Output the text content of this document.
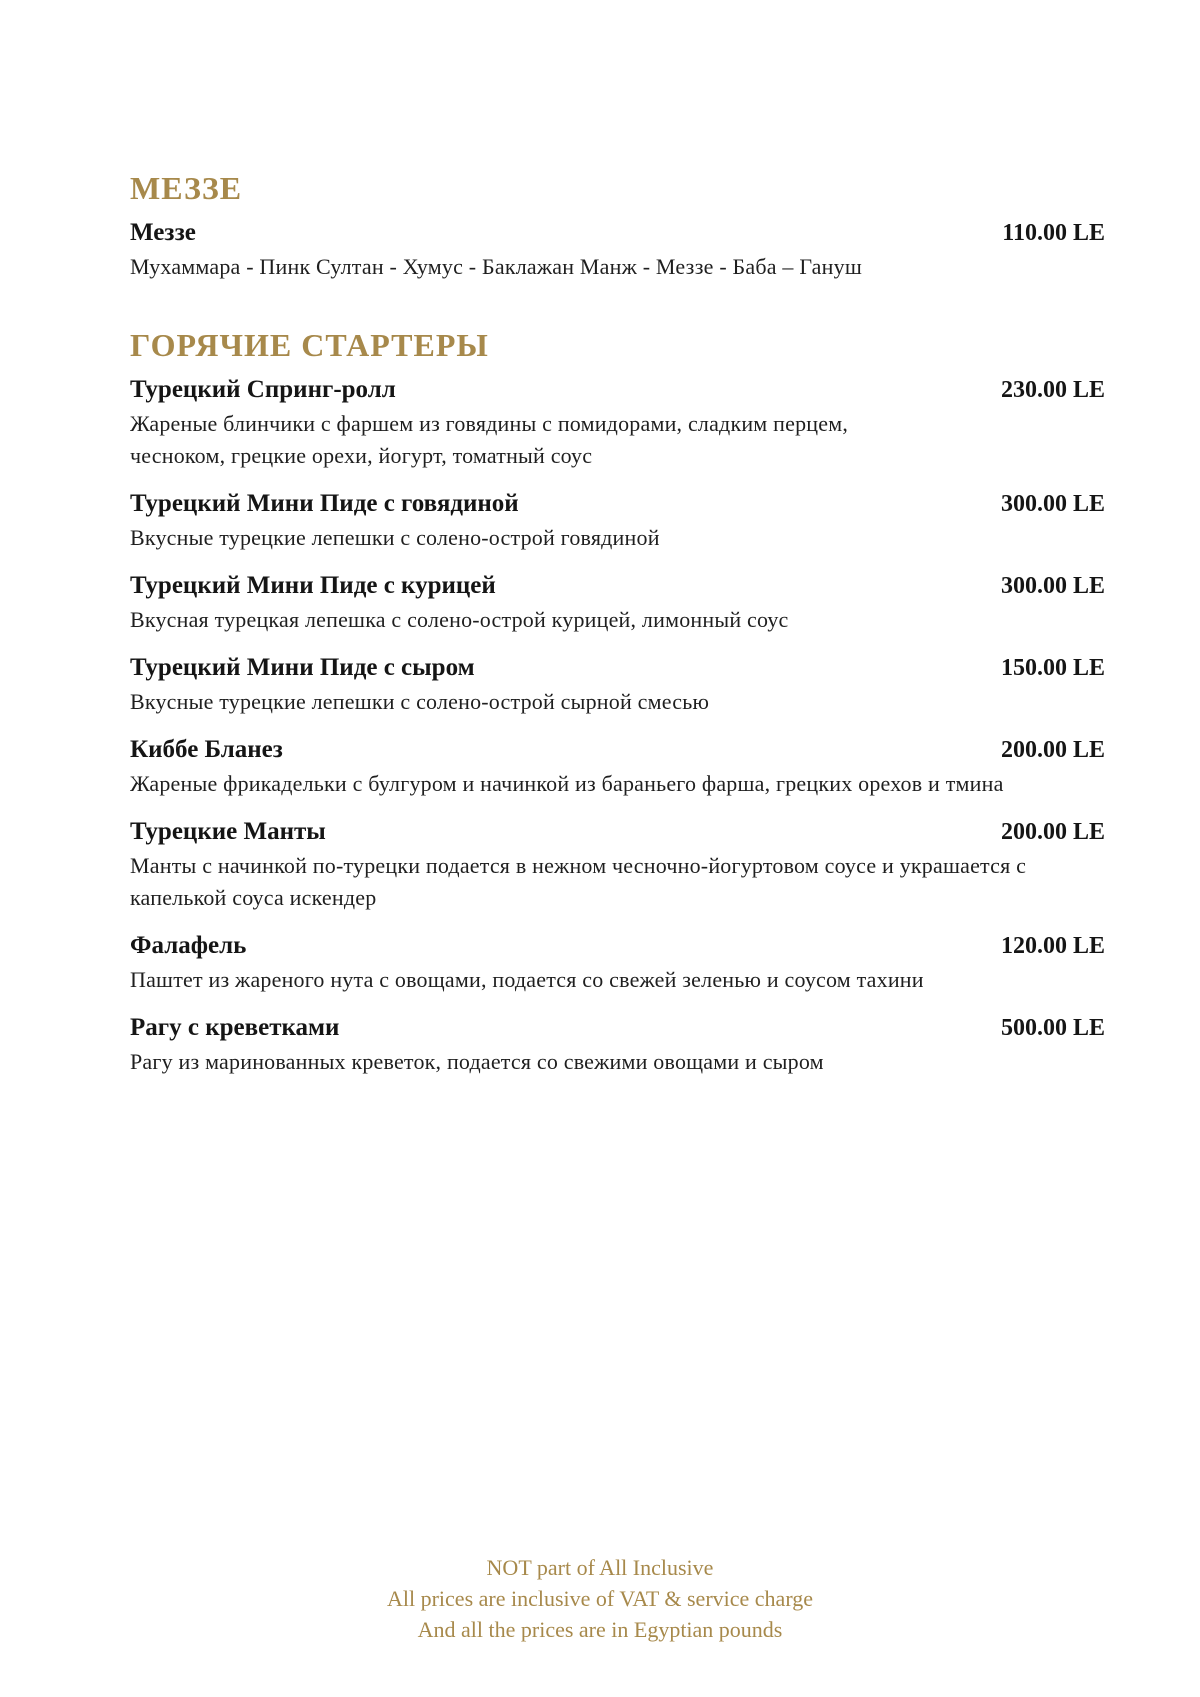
МЕЗЗЕ
Меззе	110.00 LE
Мухаммара - Пинк Султан - Хумус - Баклажан Манж - Меззе - Баба – Гануш
ГОРЯЧИЕ СТАРТЕРЫ
Турецкий Спринг-ролл	230.00 LE
Жареные блинчики с фаршем из говядины с помидорами, сладким перцем,
чесноком, грецкие орехи, йогурт, томатный соус
Турецкий Мини Пиде с говядиной	300.00 LE
Вкусные турецкие лепешки с солено-острой говядиной
Турецкий Мини Пиде с курицей	300.00 LE
Вкусная турецкая лепешка с солено-острой курицей, лимонный соус
Турецкий Мини Пиде с сыром	150.00 LE
Вкусные турецкие лепешки с солено-острой сырной смесью
Киббе Бланез	200.00 LE
Жареные фрикадельки с булгуром и начинкой из бараньего фарша, грецких орехов и тмина
Турецкие Манты	200.00 LE
Манты с начинкой по-турецки подается в нежном чесночно-йогуртовом соусе и украшается с
капелькой соуса искендер
Фалафель	120.00 LE
Паштет из жареного нута с овощами, подается со свежей зеленью и соусом тахини
Рагу с креветками	500.00 LE
Рагу из маринованных креветок, подается со свежими овощами и сыром
NOT part of All Inclusive
All prices are inclusive of VAT & service charge
And all the prices are in Egyptian pounds
